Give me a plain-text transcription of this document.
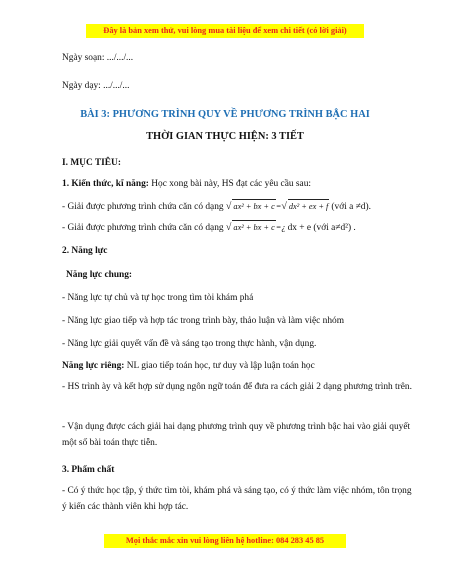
Đây là bản xem thử, vui lòng mua tài liệu để xem chi tiết (có lời giải)
Ngày soạn: .../.../...
Ngày dạy: .../.../...
BÀI 3: PHƯƠNG TRÌNH QUY VỀ PHƯƠNG TRÌNH BẬC HAI
THỜI GIAN THỰC HIỆN: 3 TIẾT
I. MỤC TIÊU:
1. Kiến thức, kĩ năng: Học xong bài này, HS đạt các yêu cầu sau:
- Giải được phương trình chứa căn có dạng √ ax² + bx + c=√ dx² + ex + f (với a ≠d).
- Giải được phương trình chứa căn có dạng √ ax² + bx + c=¿ dx + e (với a≠d²) .
2. Năng lực
Năng lực chung:
- Năng lực tự chủ và tự học trong tìm tòi khám phá
- Năng lực giao tiếp và hợp tác trong trình bày, thảo luận và làm việc nhóm
- Năng lực giải quyết vấn đề và sáng tạo trong thực hành, vận dụng.
Năng lực riêng: NL giao tiếp toán học, tư duy và lập luận toán học
- HS trình ày và kết hợp sử dụng ngôn ngữ toán để đưa ra cách giải 2 dạng phương trình trên.
- Vận dụng được cách giải hai dạng phương trình quy về phương trình bậc hai vào giải quyết một số bài toán thực tiễn.
3. Phẩm chất
- Có ý thức học tập, ý thức tìm tòi, khám phá và sáng tạo, có ý thức làm việc nhóm, tôn trọng ý kiến các thành viên khi hợp tác.
Mọi thắc mắc xin vui lòng liên hệ hotline: 084 283 45 85
